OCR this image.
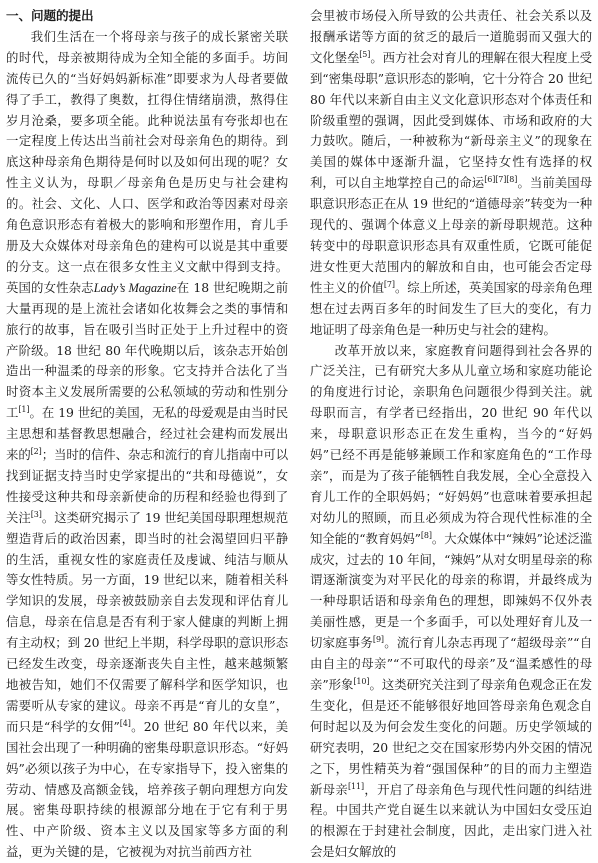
一、问题的提出

我们生活在一个将母亲与孩子的成长紧密关联的时代，母亲被期待成为全知全能的多面手。坊间流传已久的“当好妈妈新标准”即要求为人母者要做得了手工，教得了奥数，扛得住情绪崩溃，熬得住岁月沧桑，要多项全能。此种说法虽有夸张却也在一定程度上传达出当前社会对母亲角色的期待。到底这种母亲角色期待是何时以及如何出现的呢？女性主义认为，母职／母亲角色是历史与社会建构的。社会、文化、人口、医学和政治等因素对母亲角色意识形态有着极大的影响和形塑作用，育儿手册及大众媒体对母亲角色的建构可以说是其中重要的分支。这一点在很多女性主义文献中得到支持。英国的女性杂志Lady’s Magazine在 18 世纪晚期之前大量再现的是上流社会诸如化妆舞会之类的事情和旅行的故事，旨在吸引当时正处于上升过程中的资产阶级。18 世纪 80 年代晚期以后，该杂志开始创造出一种温柔的母亲的形象。它支持并合法化了当时资本主义发展所需要的公私领域的劳动和性别分工[1]。在 19 世纪的美国，无私的母爱观是由当时民主思想和基督教思想融合，经过社会建构而发展出来的[2]；当时的信件、杂志和流行的育儿指南中可以找到证据支持当时史学家提出的“共和母德说”，女性接受这种共和母亲新使命的历程和经验也得到了关注[3]。这类研究揭示了 19 世纪美国母职理想规范塑造背后的政治因素，即当时的社会渴望回归平静的生活，重视女性的家庭责任及虔诚、纯洁与顺从等女性特质。另一方面，19 世纪以来，随着相关科学知识的发展，母亲被鼓励亲自去发现和评估育儿信息，母亲在信息是否有利于家人健康的判断上拥有主动权；到 20 世纪上半期，科学母职的意识形态已经发生改变，母亲逐渐丧失自主性，越来越频繁地被告知，她们不仅需要了解科学和医学知识，也需要听从专家的建议。母亲不再是“育儿的女皇”，而只是“科学的女佣”[4]。20 世纪 80 年代以来，美国社会出现了一种明确的密集母职意识形态。“好妈妈”必须以孩子为中心，在专家指导下，投入密集的劳动、情感及高额金钱，培养孩子朝向理想方向发展。密集母职持续的根源部分地在于它有利于男性、中产阶级、资本主义以及国家等多方面的利益，更为关键的是，它被视为对抗当前西方社

会里被市场侵入所导致的公共责任、社会关系以及报酬承诺等方面的贫乏的最后一道脆弱而又强大的文化堡垒[5]。西方社会对育儿的理解在很大程度上受到“密集母职”意识形态的影响，它十分符合 20 世纪 80 年代以来新自由主义文化意识形态对个体责任和阶级重塑的强调，因此受到媒体、市场和政府的大力鼓吹。随后，一种被称为“新母亲主义”的现象在美国的媒体中逐渐升温，它坚持女性有选择的权利，可以自主地掌控自己的命运[6][7][8]。当前美国母职意识形态正在从 19 世纪的“道德母亲”转变为一种现代的、强调个体意义上母亲的新母职规范。这种转变中的母职意识形态具有双重性质，它既可能促进女性更大范围内的解放和自由，也可能会否定母性主义的价值[7]。综上所述，英美国家的母亲角色理想在过去两百多年的时间发生了巨大的变化，有力地证明了母亲角色是一种历史与社会的建构。

改革开放以来，家庭教育问题得到社会各界的广泛关注，已有研究大多从儿童立场和家庭功能论的角度进行讨论，亲职角色问题很少得到关注。就母职而言，有学者已经指出，20 世纪 90 年代以来，母职意识形态正在发生重构，当今的“好妈妈”已经不再是能够兼顾工作和家庭角色的“工作母亲”，而是为了孩子能牺牲自我发展，全心全意投入育儿工作的全职妈妈；“好妈妈”也意味着要承担起对幼儿的照顾，而且必须成为符合现代性标准的全知全能的“教育妈妈”[8]。大众媒体中“辣妈”论述泛滥成灾，过去的 10 年间，“辣妈”从对女明星母亲的称谓逐渐演变为对平民化的母亲的称谓，并最终成为一种母职话语和母亲角色的理想，即辣妈不仅外表美丽性感，更是一个多面手，可以处理好育儿及一切家庭事务[9]。流行育儿杂志再现了“超级母亲”“自由自主的母亲”“不可取代的母亲”及“温柔感性的母亲”形象[10]。这类研究关注到了母亲角色观念正在发生变化，但是还不能够很好地回答母亲角色观念自何时起以及为何会发生变化的问题。历史学领域的研究表明，20 世纪之交在国家形势内外交困的情况之下，男性精英为着“强国保种”的目的而力主塑造新母亲[11]，开启了母亲角色与现代性问题的纠结进程。中国共产党自诞生以来就认为中国妇女受压迫的根源在于封建社会制度，因此，走出家门进入社会是妇女解放的
